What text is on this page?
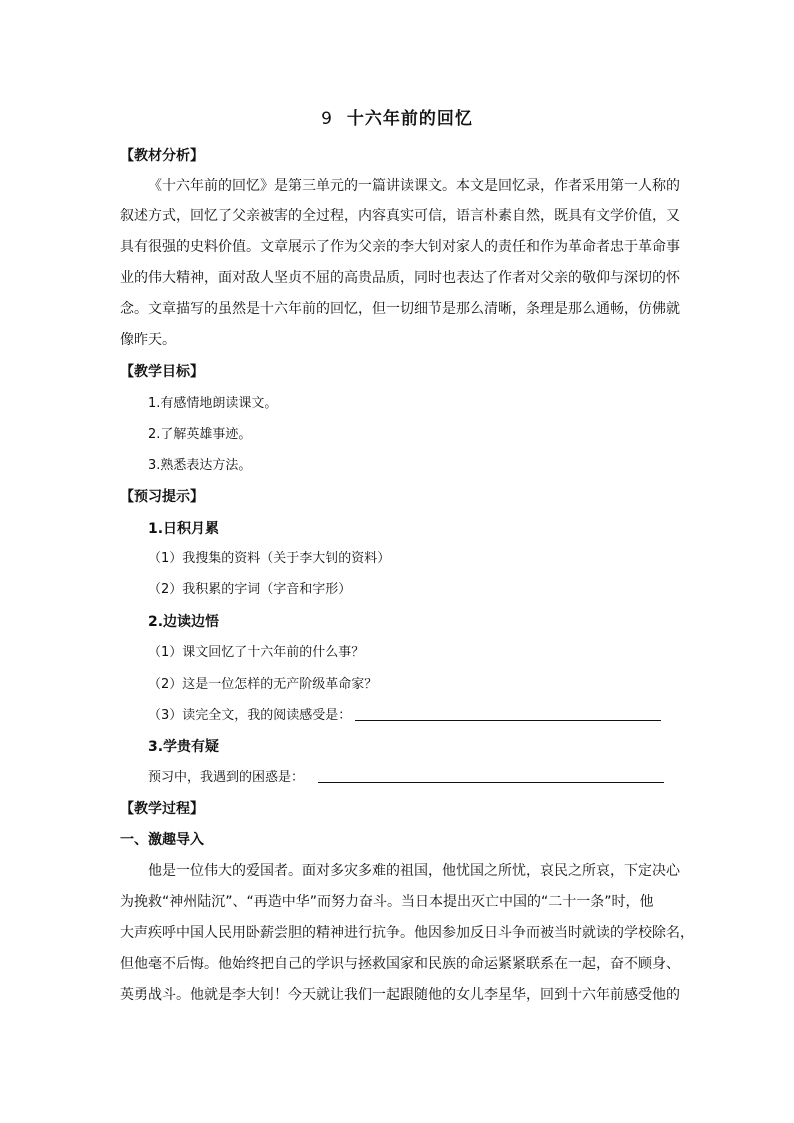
9 十六年前的回忆
【教材分析】
《十六年前的回忆》是第三单元的一篇讲读课文。本文是回忆录，作者采用第一人称的
叙述方式，回忆了父亲被害的全过程，内容真实可信，语言朴素自然，既具有文学价值，又
具有很强的史料价值。文章展示了作为父亲的李大钊对家人的责任和作为革命者忠于革命事
业的伟大精神，面对敌人坚贞不屈的高贵品质，同时也表达了作者对父亲的敬仰与深切的怀
念。文章描写的虽然是十六年前的回忆，但一切细节是那么清晰，条理是那么通畅，仿佛就
像昨天。
【教学目标】
1.有感情地朗读课文。
2.了解英雄事迹。
3.熟悉表达方法。
【预习提示】
1.日积月累
（1）我搜集的资料（关于李大钊的资料）
（2）我积累的字词（字音和字形）
2.边读边悟
（1）课文回忆了十六年前的什么事？
（2）这是一位怎样的无产阶级革命家？
（3）读完全文，我的阅读感受是：
3.学贵有疑
预习中，我遇到的困惑是：
【教学过程】
一、激趣导入
他是一位伟大的爱国者。面对多灾多难的祖国，他忧国之所忧，哀民之所哀，下定决心
为挽救“神州陆沉”、“再造中华”而努力奋斗。当日本提出灭亡中国的“二十一条”时，他
大声疾呼中国人民用卧薪尝胆的精神进行抗争。他因参加反日斗争而被当时就读的学校除名，
但他毫不后悔。他始终把自己的学识与拯救国家和民族的命运紧紧联系在一起，奋不顾身、
英勇战斗。他就是李大钊！今天就让我们一起跟随他的女儿李星华，回到十六年前感受他的
